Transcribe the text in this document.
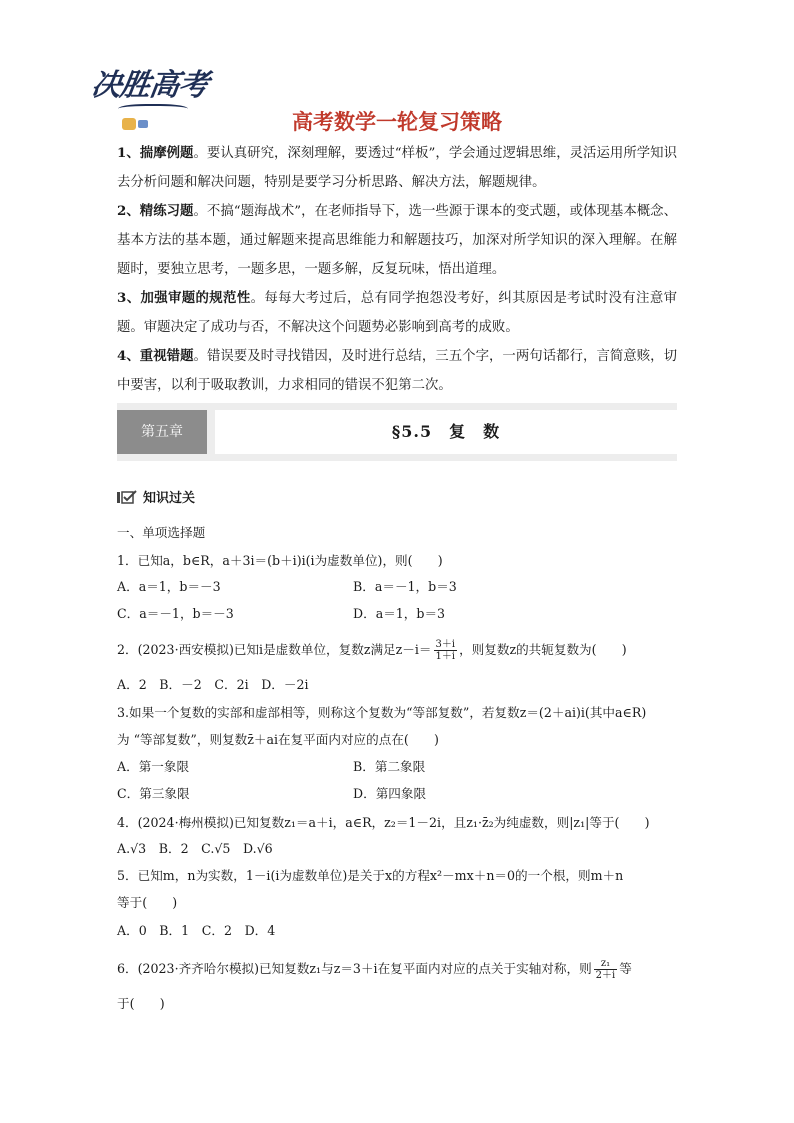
决胜高考
高考数学一轮复习策略
1、揣摩例题。要认真研究，深刻理解，要透过“样板”，学会通过逻辑思维，灵活运用所学知识去分析问题和解决问题，特别是要学习分析思路、解决方法，解题规律。
2、精练习题。不搞“题海战术”，在老师指导下，选一些源于课本的变式题，或体现基本概念、基本方法的基本题，通过解题来提高思维能力和解题技巧，加深对所学知识的深入理解。在解题时，要独立思考，一题多思，一题多解，反复玩味，悟出道理。
3、加强审题的规范性。每每大考过后，总有同学抱怨没考好，纠其原因是考试时没有注意审题。审题决定了成功与否，不解决这个问题势必影响到高考的成败。
4、重视错题。错误要及时寻找错因，及时进行总结，三五个字，一两句话都行，言简意赅，切中要害，以利于吸取教训，力求相同的错误不犯第二次。
第五章	§5.5　复　数
知识过关
一、单项选择题
1．已知a，b∈R，a＋3i＝(b＋i)i(i为虚数单位)，则(　　)
A．a＝1，b＝－3	B．a＝－1，b＝3
C．a＝－1，b＝－3	D．a＝1，b＝3
2．(2023·西安模拟)已知i是虚数单位，复数z满足$z-i= \frac{3+i}{1+i}$ ，则复数z的共轭复数为(　　)
A．2　B．－2　C．2i　D．－2i
3.如果一个复数的实部和虚部相等，则称这个复数为“等部复数”，若复数z＝(2＋ai)i(其中a∈R)
为 “等部复数”，则复数z̄＋ai在复平面内对应的点在(　　)
A．第一象限	B．第二象限
C．第三象限	D．第四象限
4．(2024·梅州模拟)已知复数z₁＝a＋i，a∈R，z₂＝1－2i，且z₁·z̄₂为纯虚数，则|z₁|等于(　　)
A.√3　B．2　C.√5　D.√6
5．已知m，n为实数，1－i(i为虚数单位)是关于x的方程x²－mx＋n＝0的一个根，则m＋n
等于(　　)
A．0　B．1　C．2　D．4
6．(2023·齐齐哈尔模拟)已知复数z₁与z＝3＋i在复平面内对应的点关于实轴对称，则 $\frac{\text{z₁}}{2+i}$ 等
于(　　)
